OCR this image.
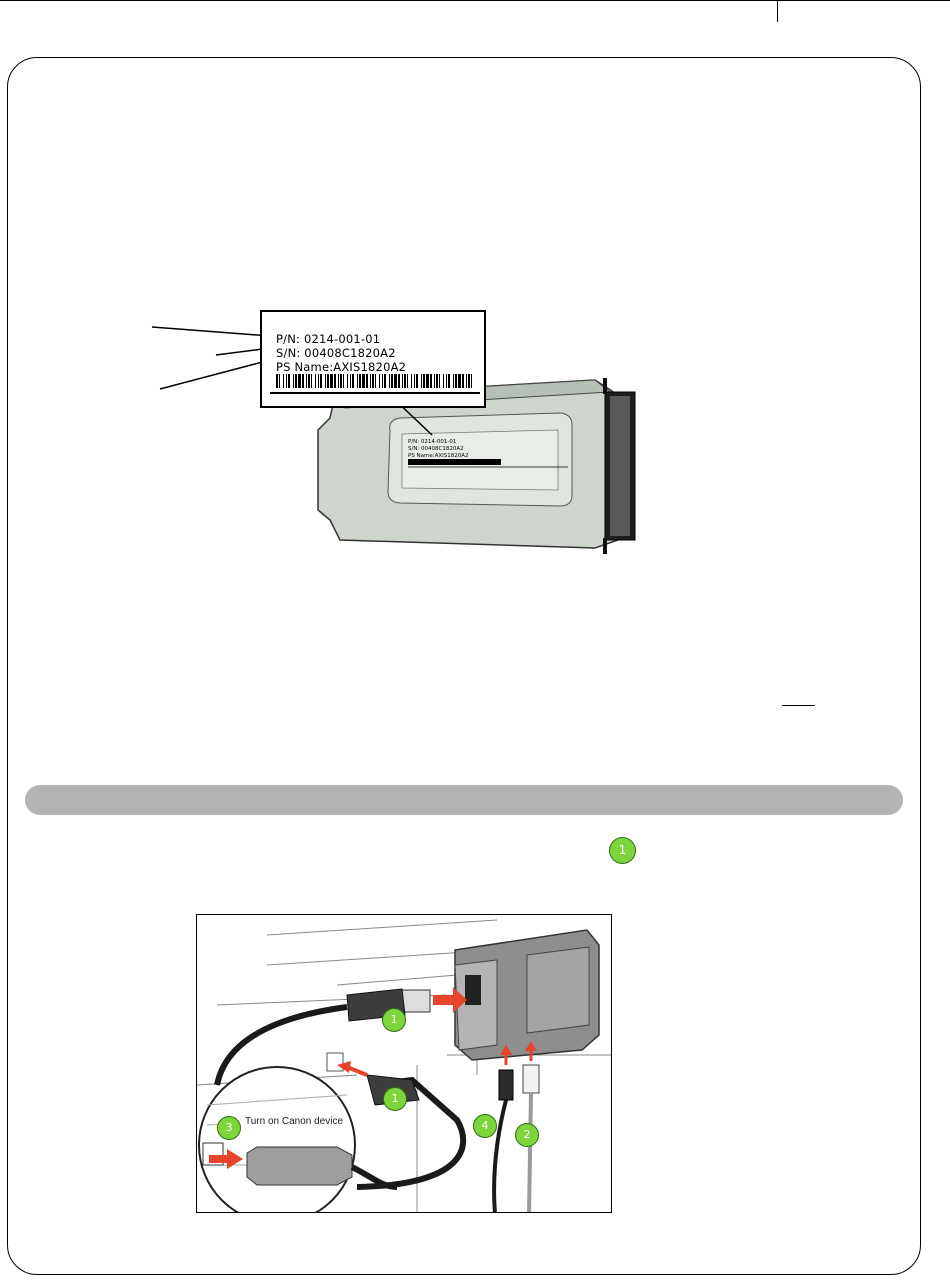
P/N: 0214-001-01
S/N: 00408C1820A2
PS Name:AXIS1820A2
P/N: 0214-001-01
S/N: 00408C1820A2
PS Name:AXIS1820A2
1
1
1
3	4
2
Turn on Canon device
